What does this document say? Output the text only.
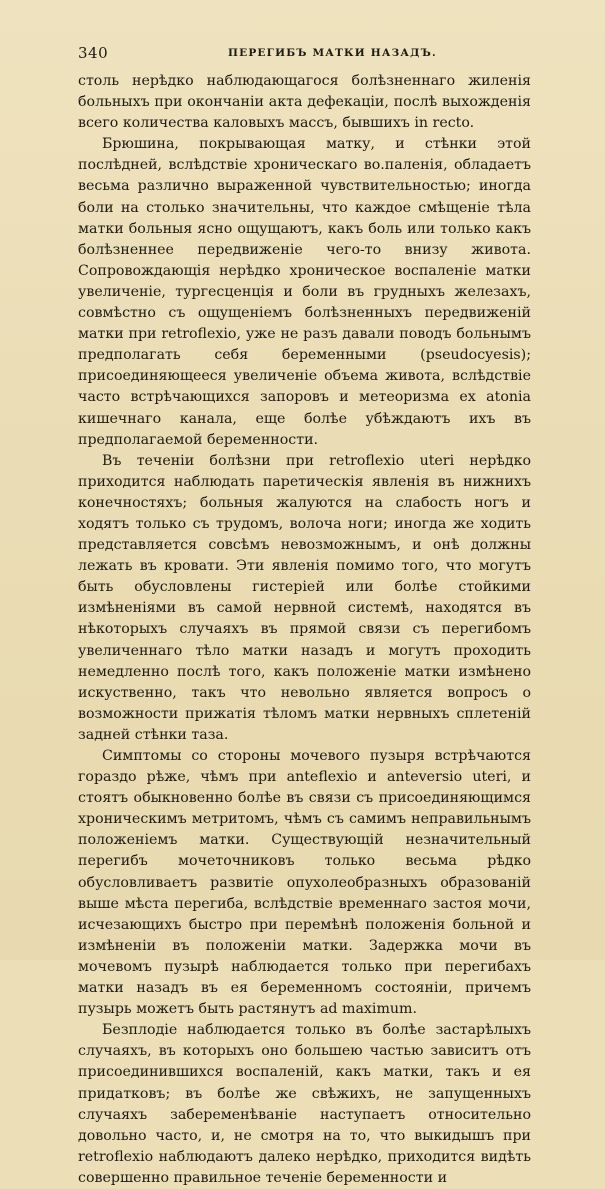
340	ПЕРЕГИБЪ МАТКИ НАЗАДЪ.

столь нерѣдко наблюдающагося болѣзненнаго жиленія больныхъ при окончаніи акта дефекаціи, послѣ выхожденія всего количества каловыхъ массъ, бывшихъ in recto.

Брюшина, покрывающая матку, и стѣнки этой послѣдней, вслѣдствіе хроническаго во.паленія, обладаетъ весьма различно выраженной чувствительностью; иногда боли на столько значительны, что каждое смѣщеніе тѣла матки больныя ясно ощущаютъ, какъ боль или только какъ болѣзненнее передвиженіе чего-то внизу живота. Сопровождающія нерѣдко хроническое воспаленіе матки увеличеніе, тургесценція и боли въ грудныхъ железахъ, совмѣстно съ ощущеніемъ болѣзненныхъ передвиженій матки при retroflexio, уже не разъ давали поводъ больнымъ предполагать себя беременными (pseudocyesis); присоединяющееся увеличеніе объема живота, вслѣдствіе часто встрѣчающихся запоровъ и метеоризма ex atonia кишечнаго канала, еще болѣе убѣждаютъ ихъ въ предполагаемой беременности.

Въ теченіи болѣзни при retroflexio uteri нерѣдко приходится наблюдать паретическія явленія въ нижнихъ конечностяхъ; больныя жалуются на слабость ногъ и ходятъ только съ трудомъ, волоча ноги; иногда же ходить представляется совсѣмъ невозможнымъ, и онѣ должны лежать въ кровати. Эти явленія помимо того, что могутъ быть обусловлены гистеріей или болѣе стойкими измѣненіями въ самой нервной системѣ, находятся въ нѣкоторыхъ случаяхъ въ прямой связи съ перегибомъ увеличеннаго тѣло матки назадъ и могутъ проходить немедленно послѣ того, какъ положеніе матки измѣнено искуственно, такъ что невольно является вопросъ о возможности прижатія тѣломъ матки нервныхъ сплетеній задней стѣнки таза.

Симптомы со стороны мочевого пузыря встрѣчаются гораздо рѣже, чѣмъ при anteflexio и anteversio uteri, и стоятъ обыкновенно болѣе въ связи съ присоединяющимся хроническимъ метритомъ, чѣмъ съ самимъ неправильнымъ положеніемъ матки. Существующій незначительный перегибъ мочеточниковъ только весьма рѣдко обусловливаетъ развитіе опухолеобразныхъ образованій выше мѣста перегиба, вслѣдствіе временнаго застоя мочи, исчезающихъ быстро при перемѣнѣ положенія больной и измѣненіи въ положеніи матки. Задержка мочи въ мочевомъ пузырѣ наблюдается только при перегибахъ матки назадъ въ ея беременномъ состояніи, причемъ пузырь можетъ быть растянутъ ad maximum.

Безплодіе наблюдается только въ болѣе застарѣлыхъ случаяхъ, въ которыхъ оно большею частью зависитъ отъ присоединившихся воспаленій, какъ матки, такъ и ея придатковъ; въ болѣе же свѣжихъ, не запущенныхъ случаяхъ забеременѣваніе наступаетъ относительно довольно часто, и, не смотря на то, что выкидышъ при retroflexio наблюдаютъ далеко нерѣдко, приходится видѣть совершенно правильное теченіе беременности и
